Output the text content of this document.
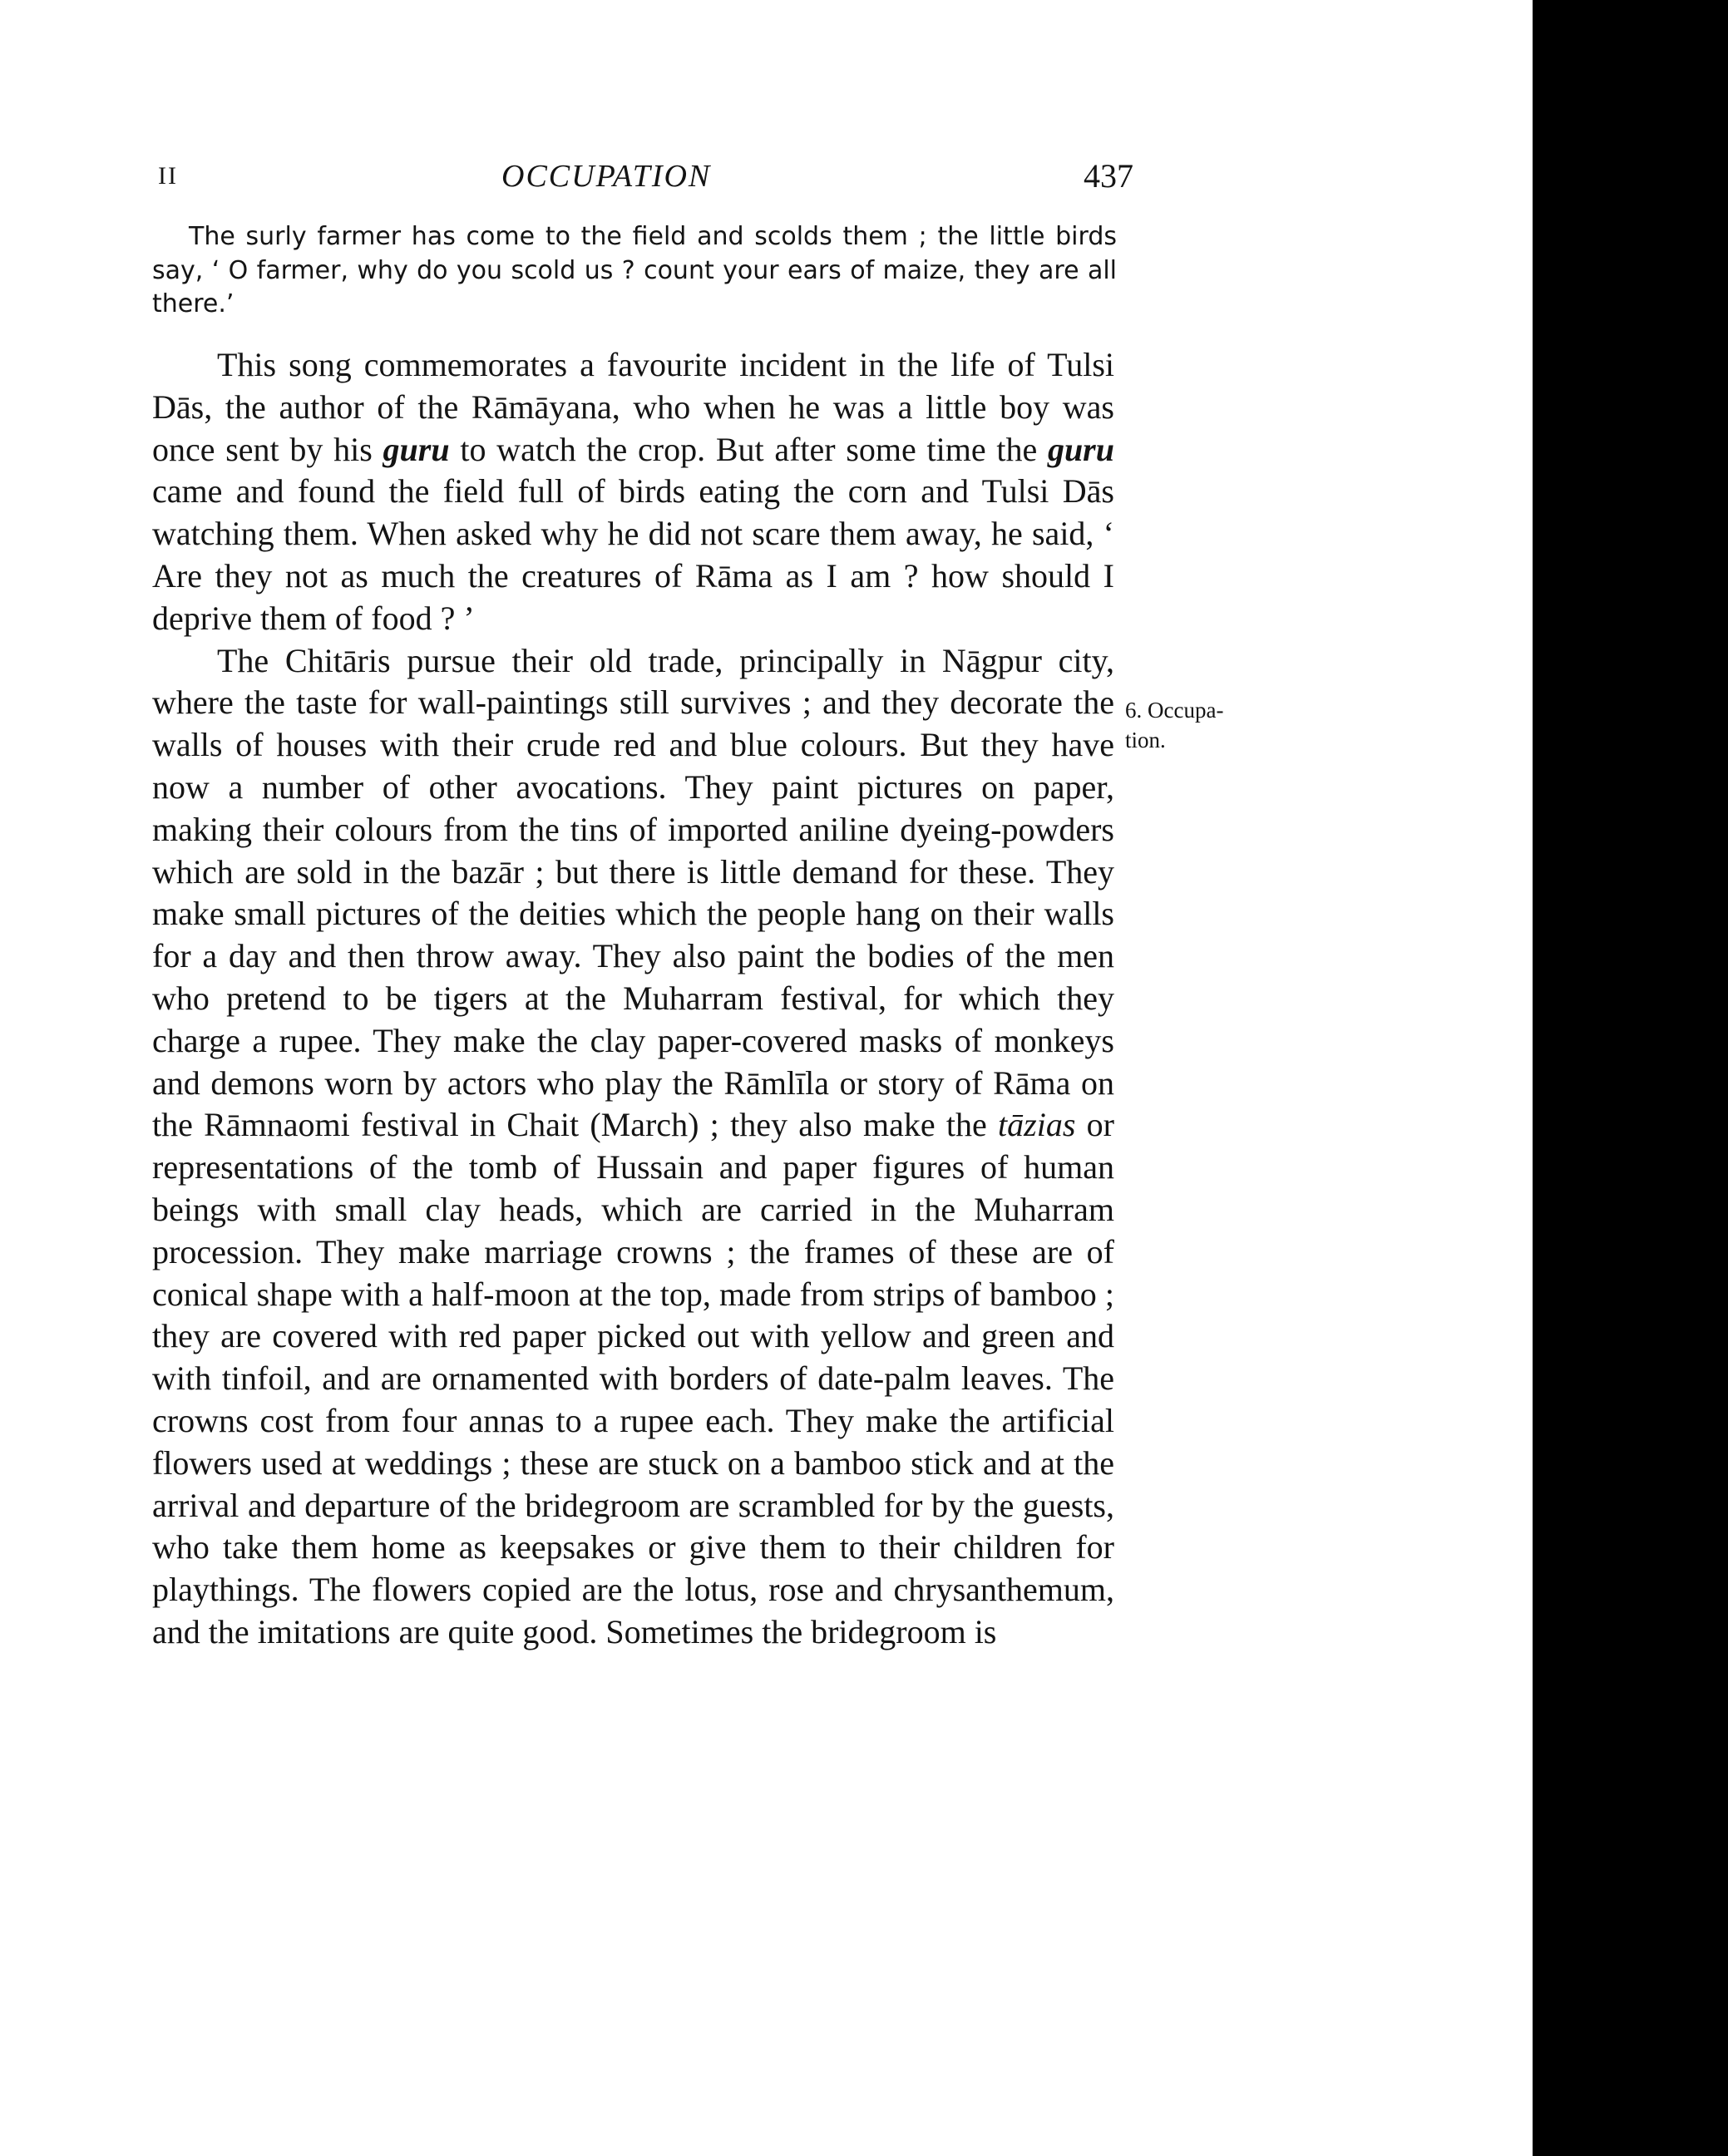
II	OCCUPATION	437

The surly farmer has come to the field and scolds them ; the little birds say, ‘ O farmer, why do you scold us ? count your ears of maize, they are all there.’

This song commemorates a favourite incident in the life of Tulsi Dās, the author of the Rāmāyana, who when he was a little boy was once sent by his guru to watch the crop. But after some time the guru came and found the field full of birds eating the corn and Tulsi Dās watching them. When asked why he did not scare them away, he said, ‘ Are they not as much the creatures of Rāma as I am ? how should I deprive them of food ? ’

The Chitāris pursue their old trade, principally in Nāgpur city, where the taste for wall-paintings still survives ; and they decorate the walls of houses with their crude red and blue colours. But they have now a number of other avocations. They paint pictures on paper, making their colours from the tins of imported aniline dyeing-powders which are sold in the bazār ; but there is little demand for these. They make small pictures of the deities which the people hang on their walls for a day and then throw away. They also paint the bodies of the men who pretend to be tigers at the Muharram festival, for which they charge a rupee. They make the clay paper-covered masks of monkeys and demons worn by actors who play the Rāmlīla or story of Rāma on the Rāmnaomi festival in Chait (March) ; they also make the tāzias or representations of the tomb of Hussain and paper figures of human beings with small clay heads, which are carried in the Muharram procession. They make marriage crowns ; the frames of these are of conical shape with a half-moon at the top, made from strips of bamboo ; they are covered with red paper picked out with yellow and green and with tinfoil, and are ornamented with borders of date-palm leaves. The crowns cost from four annas to a rupee each. They make the artificial flowers used at weddings ; these are stuck on a bamboo stick and at the arrival and departure of the bridegroom are scrambled for by the guests, who take them home as keepsakes or give them to their children for playthings. The flowers copied are the lotus, rose and chrysanthemum, and the imitations are quite good. Sometimes the bridegroom is

6. Occupa-
tion.
